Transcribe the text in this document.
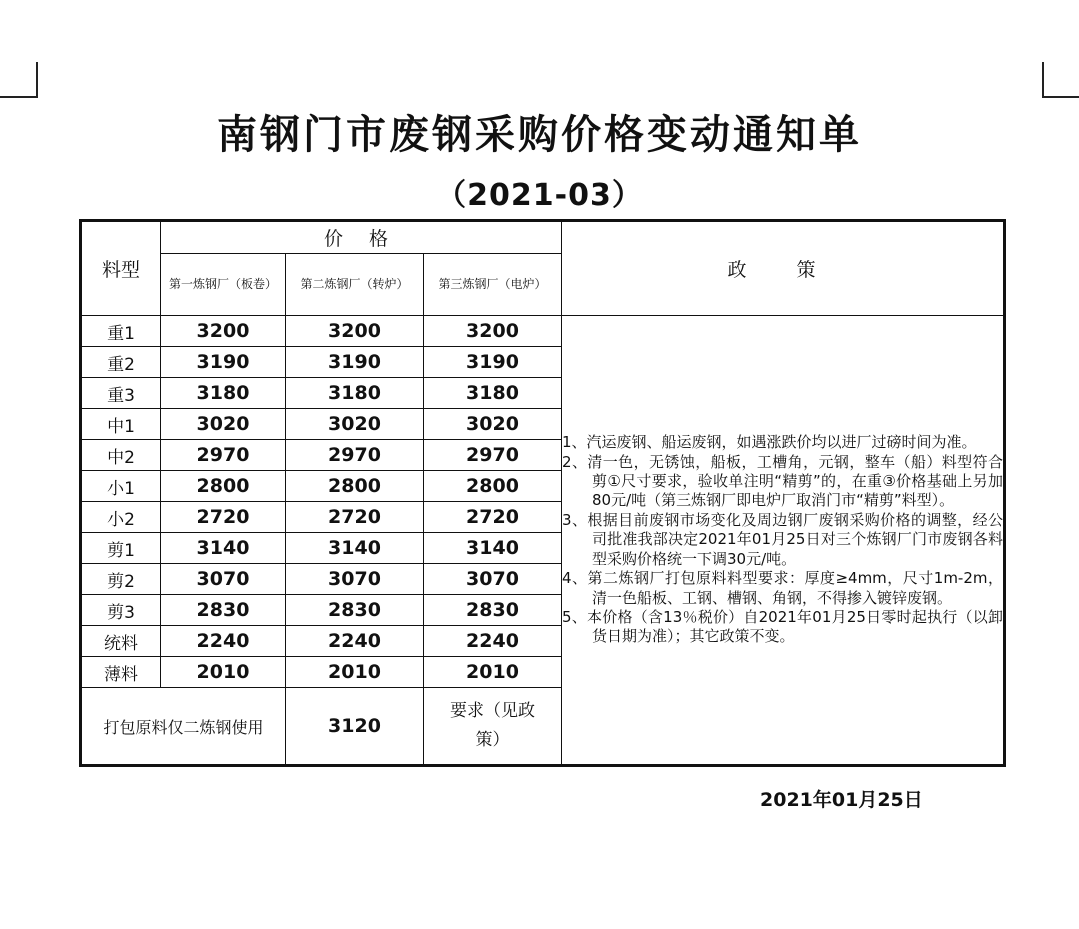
南钢门市废钢采购价格变动通知单
（2021-03）
料型	价 格			政 策
	第一炼钢厂（板卷）	第二炼钢厂（转炉）	第三炼钢厂（电炉）	
重1	3200	3200	3200	1、汽运废钢、船运废钢，如遇涨跌价均以进厂过磅时间为准。

2、清一色，无锈蚀，船板，工槽角，元钢，整车（船）料型符合剪①尺寸要求，验收单注明“精剪”的，在重③价格基础上另加80元/吨（第三炼钢厂即电炉厂取消门市“精剪”料型）。

3、根据目前废钢市场变化及周边钢厂废钢采购价格的调整，经公司批准我部决定2021年01月25日对三个炼钢厂门市废钢各料型采购价格统一下调30元/吨。

4、第二炼钢厂打包原料料型要求：厚度≥4mm，尺寸1m-2m，清一色船板、工钢、槽钢、角钢，不得掺入镀锌废钢。

5、本价格（含13％税价）自2021年01月25日零时起执行（以卸货日期为准）；其它政策不变。

重2	3190	3190	3190	
重3	3180	3180	3180	
中1	3020	3020	3020	
中2	2970	2970	2970	
小1	2800	2800	2800	
小2	2720	2720	2720	
剪1	3140	3140	3140	
剪2	3070	3070	3070	
剪3	2830	2830	2830	
统料	2240	2240	2240	
薄料	2010	2010	2010	
打包原料仅二炼钢使用		3120	要求（见政策）	
2021年01月25日
